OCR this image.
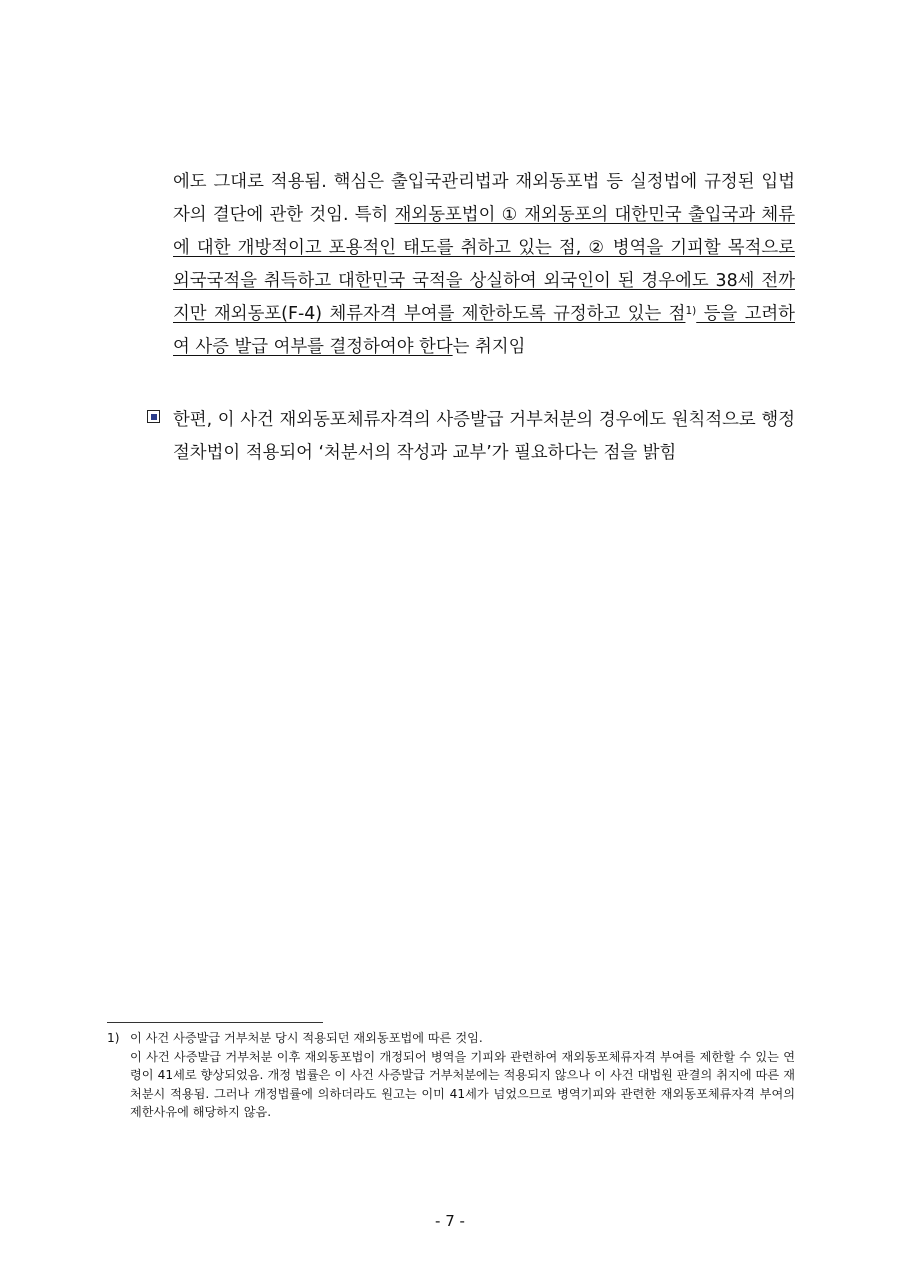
에도 그대로 적용됨. 핵심은 출입국관리법과 재외동포법 등 실정법에 규정된 입법자의 결단에 관한 것임. 특히 재외동포법이 ① 재외동포의 대한민국 출입국과 체류에 대한 개방적이고 포용적인 태도를 취하고 있는 점, ② 병역을 기피할 목적으로 외국국적을 취득하고 대한민국 국적을 상실하여 외국인이 된 경우에도 38세 전까지만 재외동포(F-4) 체류자격 부여를 제한하도록 규정하고 있는 점$^{1)}$ 등을 고려하여 사증 발급 여부를 결정하여야 한다는 취지임
한편, 이 사건 재외동포체류자격의 사증발급 거부처분의 경우에도 원칙적으로 행정절차법이 적용되어 ‘처분서의 작성과 교부’가 필요하다는 점을 밝힘
1) 이 사건 사증발급 거부처분 당시 적용되던 재외동포법에 따른 것임.
이 사건 사증발급 거부처분 이후 재외동포법이 개정되어 병역을 기피와 관련하여 재외동포체류자격 부여를 제한할 수 있는 연령이 41세로 향상되었음. 개정 법률은 이 사건 사증발급 거부처분에는 적용되지 않으나 이 사건 대법원 판결의 취지에 따른 재처분시 적용됨. 그러나 개정법률에 의하더라도 원고는 이미 41세가 넘었으므로 병역기피와 관련한 재외동포체류자격 부여의 제한사유에 해당하지 않음.
- 7 -
